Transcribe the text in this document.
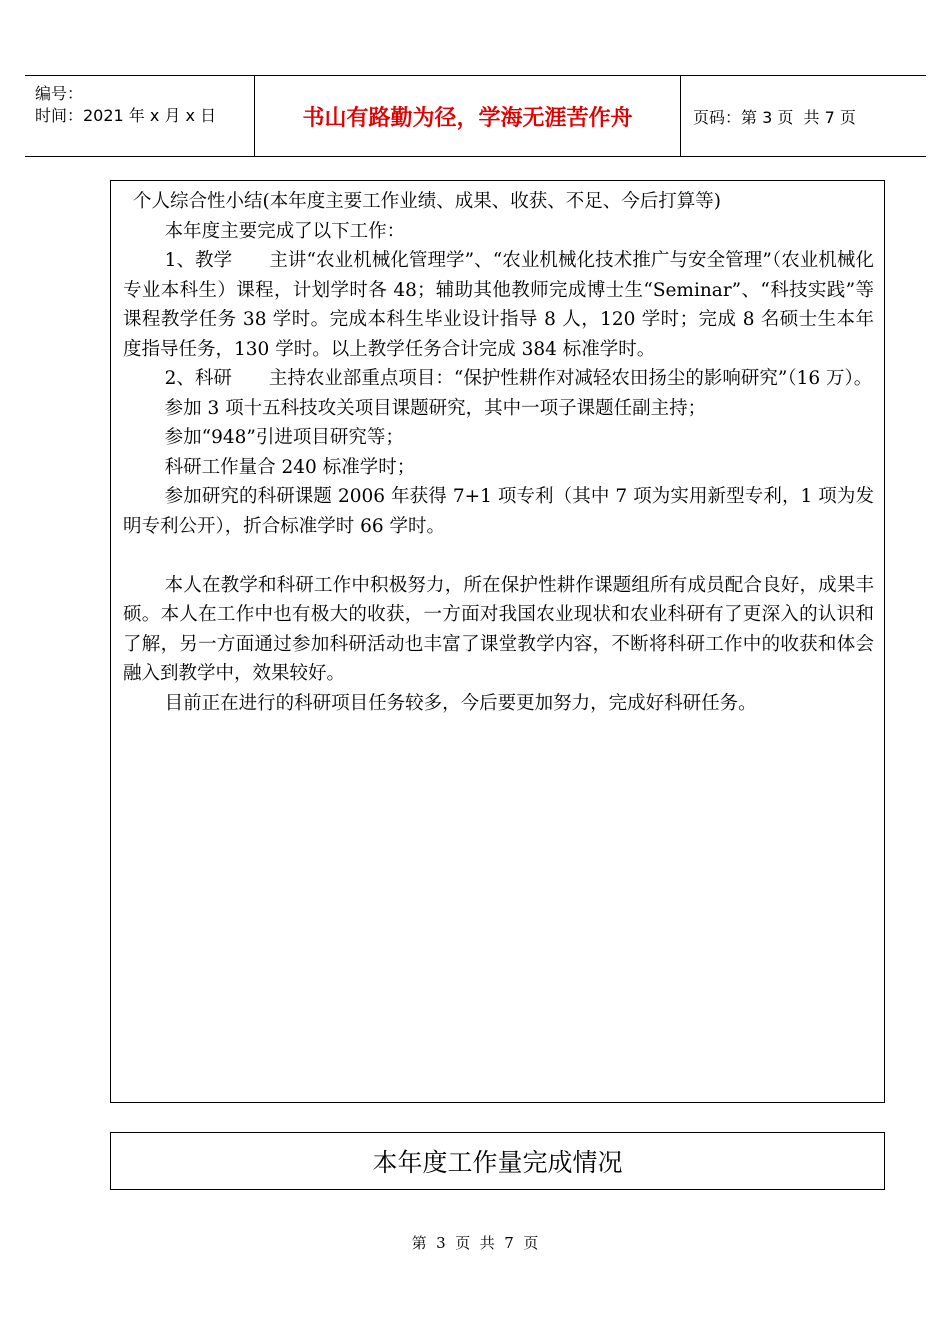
编号：
时间：2021 年 x 月 x 日	书山有路勤为径，学海无涯苦作舟	页码：第 3 页  共 7 页

个人综合性小结(本年度主要工作业绩、成果、收获、不足、今后打算等)

本年度主要完成了以下工作：

1、教学　　主讲“农业机械化管理学”、“农业机械化技术推广与安全管理”（农业机械化专业本科生）课程，计划学时各 48；辅助其他教师完成博士生“Seminar”、“科技实践”等课程教学任务 38 学时。完成本科生毕业设计指导 8 人，120 学时；完成 8 名硕士生本年度指导任务，130 学时。以上教学任务合计完成 384 标准学时。

2、科研　　主持农业部重点项目：“保护性耕作对减轻农田扬尘的影响研究”（16 万）。

参加 3 项十五科技攻关项目课题研究，其中一项子课题任副主持；

参加“948”引进项目研究等；

科研工作量合 240 标准学时；

参加研究的科研课题 2006 年获得 7+1 项专利（其中 7 项为实用新型专利，1 项为发明专利公开），折合标准学时 66 学时。

本人在教学和科研工作中积极努力，所在保护性耕作课题组所有成员配合良好，成果丰硕。本人在工作中也有极大的收获，一方面对我国农业现状和农业科研有了更深入的认识和了解，另一方面通过参加科研活动也丰富了课堂教学内容，不断将科研工作中的收获和体会融入到教学中，效果较好。

目前正在进行的科研项目任务较多，今后要更加努力，完成好科研任务。

本年度工作量完成情况
第  3  页  共  7  页
